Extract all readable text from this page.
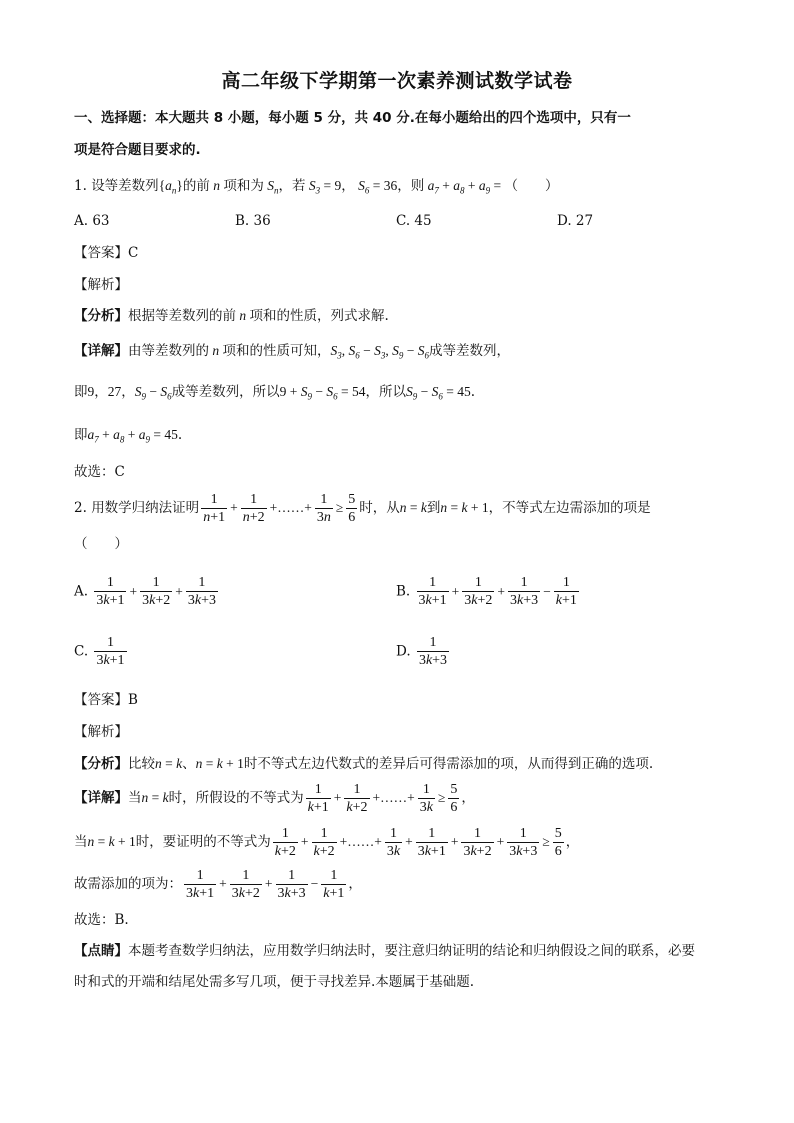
高二年级下学期第一次素养测试数学试卷
一、选择题：本大题共 8 小题，每小题 5 分，共 40 分.在每小题给出的四个选项中，只有一
项是符合题目要求的.
1. 设等差数列$\{a_n\}$的前 n 项和为 $S_n$，若 $S_3 = 9$， $S_6 = 36$，则 $a_7 + a_8 + a_9$ = （　　）
A. 63	B. 36	C. 45	D. 27
【答案】C
【解析】
【分析】根据等差数列的前 n 项和的性质，列式求解.
【详解】由等差数列的 n 项和的性质可知，$S_3$, $S_6 - S_3$, $S_9 - S_6$成等差数列，
即9，27，$S_9 - S_6$成等差数列，所以$9 + S_9 - S_6 = 54$，所以$S_9 - S_6 = 45$.
即$a_7 + a_8 + a_9 = 45$.
故选：C
2. 用数学归纳法证明 $\frac{1}{n+1} + \frac{1}{n+2}$ +……+ $\frac{1}{3n} \ge \frac{5}{6}$ 时，从n = k到n = k + 1，不等式左边需添加的项是
（　　）
A. $\frac{1}{3k+1} + \frac{1}{3k+2} + \frac{1}{3k+3}$	B. $\frac{1}{3k+1} + \frac{1}{3k+2} + \frac{1}{3k+3} - \frac{1}{k+1}$
C. $\frac{1}{3k+1}$	D. $\frac{1}{3k+3}$
【答案】B
【解析】
【分析】比较n = k、n = k + 1时不等式左边代数式的差异后可得需添加的项，从而得到正确的选项.
【详解】当n = k时，所假设的不等式为 $\frac{1}{k+1} + \frac{1}{k+2}$ +……+ $\frac{1}{3k} \ge \frac{5}{6}$ ，
当n = k + 1时，要证明的不等式为 $\frac{1}{k+2} + \frac{1}{k+2}$ +……+ $\frac{1}{3k} + \frac{1}{3k+1} + \frac{1}{3k+2} + \frac{1}{3k+3} \ge \frac{5}{6}$ ，
故需添加的项为： $\frac{1}{3k+1} + \frac{1}{3k+2} + \frac{1}{3k+3} - \frac{1}{k+1}$ ，
故选：B.
【点睛】本题考查数学归纳法，应用数学归纳法时，要注意归纳证明的结论和归纳假设之间的联系，必要
时和式的开端和结尾处需多写几项，便于寻找差异.本题属于基础题.
